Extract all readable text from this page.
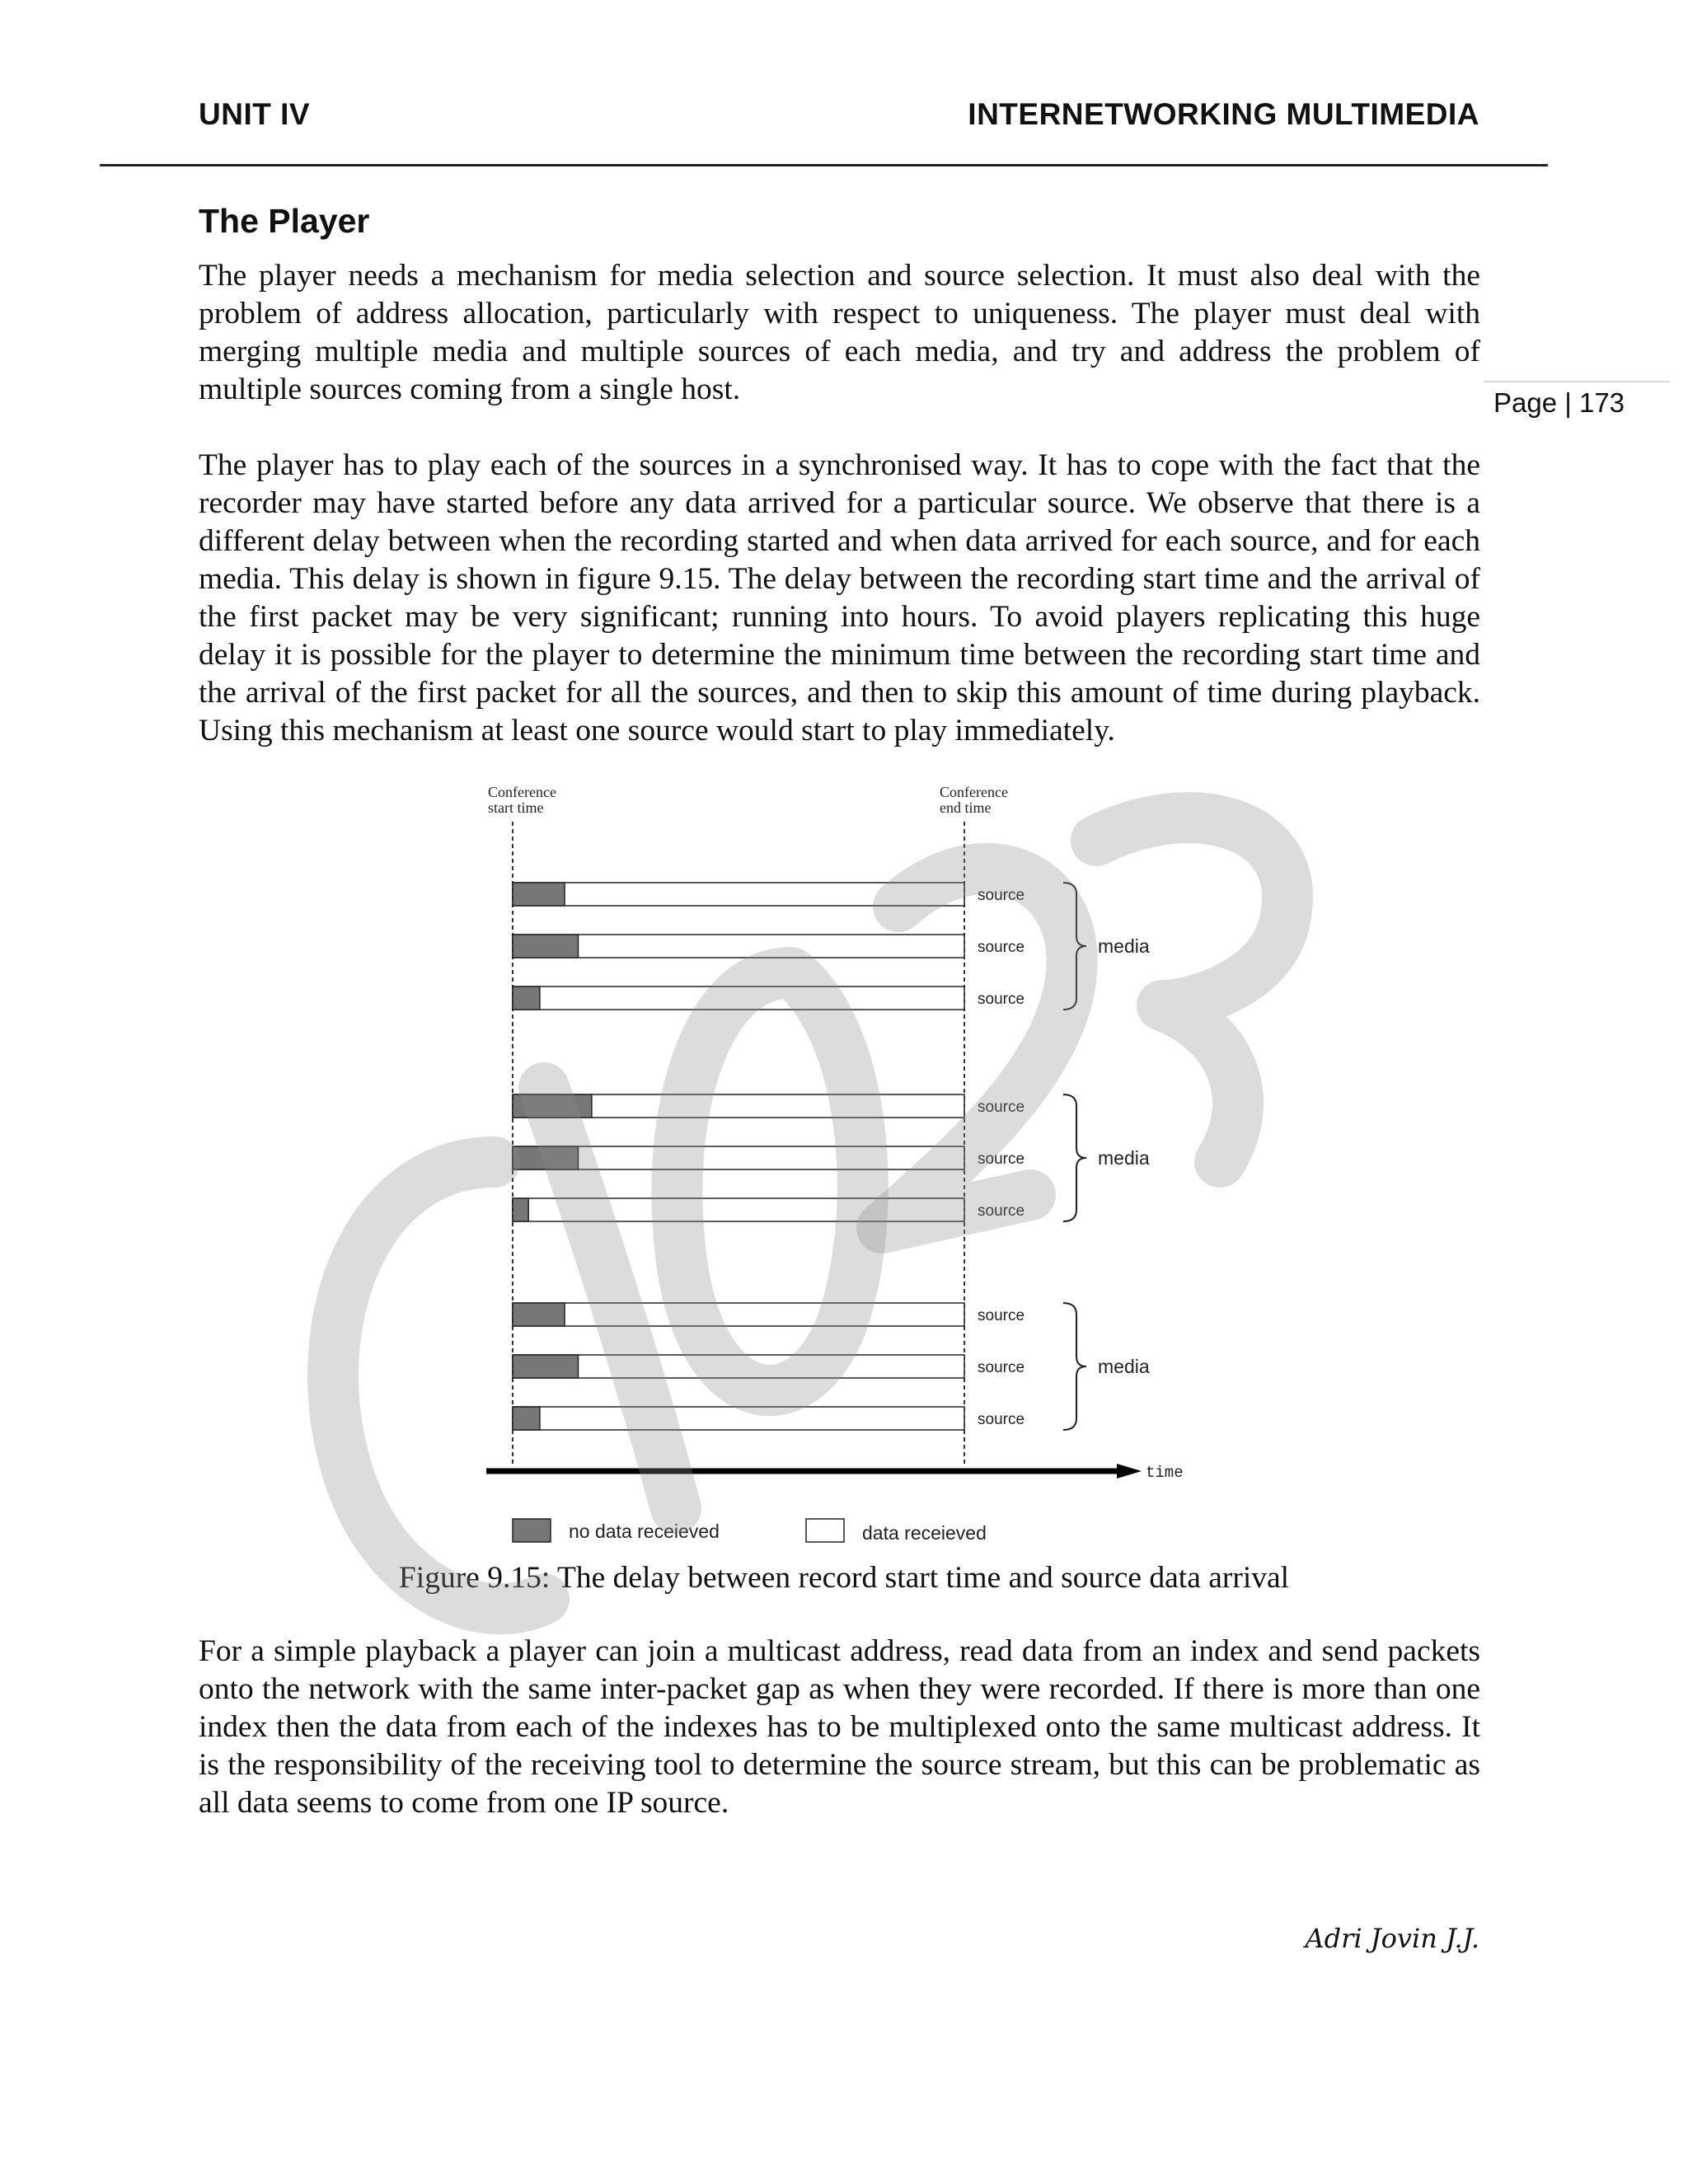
UNIT IV	INTERNETWORKING MULTIMEDIA
Page | 173
The Player

The player needs a mechanism for media selection and source selection. It must also deal with the problem of address allocation, particularly with respect to uniqueness. The player must deal with merging multiple media and multiple sources of each media, and try and address the problem of multiple sources coming from a single host.

The player has to play each of the sources in a synchronised way. It has to cope with the fact that the recorder may have started before any data arrived for a particular source. We observe that there is a different delay between when the recording started and when data arrived for each source, and for each media. This delay is shown in figure 9.15. The delay between the recording start time and the arrival of the first packet may be very significant; running into hours. To avoid players replicating this huge delay it is possible for the player to determine the minimum time between the recording start time and the arrival of the first packet for all the sources, and then to skip this amount of time during playback. Using this mechanism at least one source would start to play immediately.

Conference
start time
Conference
end time
source
source
source
media
source
source
source
media
source
source
source
media
time
no data receieved	data receieved

Figure 9.15: The delay between record start time and source data arrival

For a simple playback a player can join a multicast address, read data from an index and send packets onto the network with the same inter-packet gap as when they were recorded. If there is more than one index then the data from each of the indexes has to be multiplexed onto the same multicast address. It is the responsibility of the receiving tool to determine the source stream, but this can be problematic as all data seems to come from one IP source.

Adri Jovin J.J.
